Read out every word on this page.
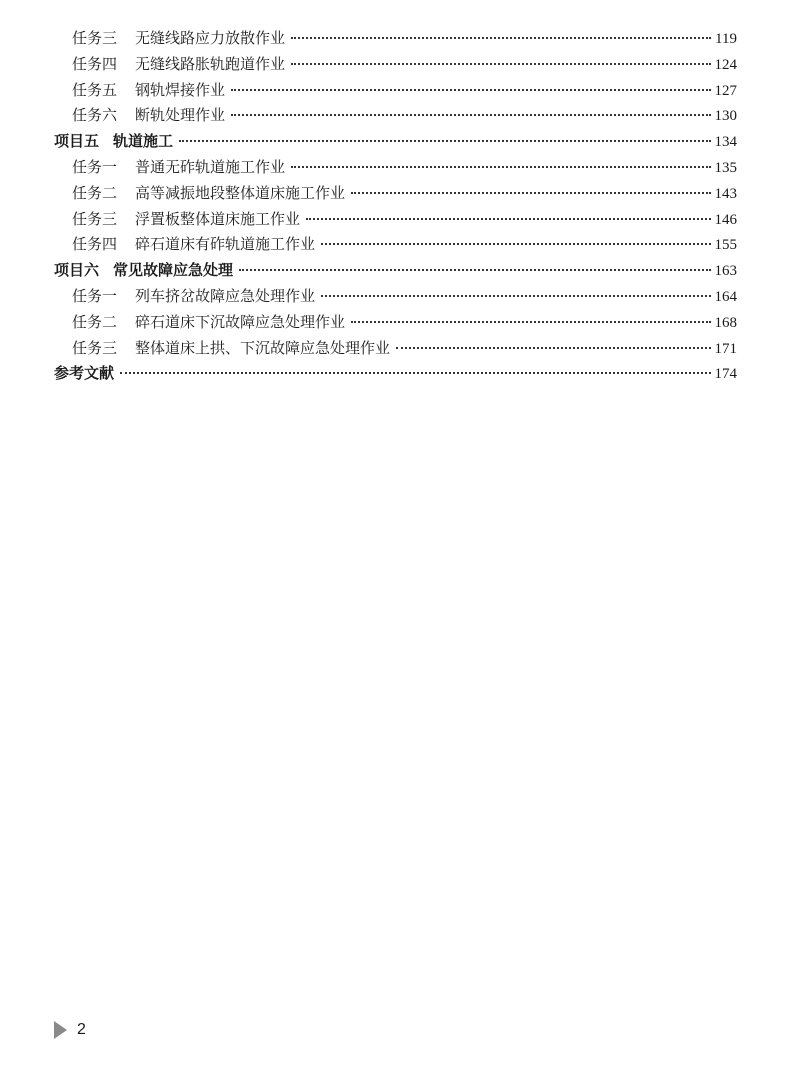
任务三 无缝线路应力放散作业	119
任务四 无缝线路胀轨跑道作业	124
任务五 钢轨焊接作业	127
任务六 断轨处理作业	130
项目五 轨道施工	134
任务一 普通无砟轨道施工作业	135
任务二 高等减振地段整体道床施工作业	143
任务三 浮置板整体道床施工作业	146
任务四 碎石道床有砟轨道施工作业	155
项目六 常见故障应急处理	163
任务一 列车挤岔故障应急处理作业	164
任务二 碎石道床下沉故障应急处理作业	168
任务三 整体道床上拱、下沉故障应急处理作业	171
参考文献	174
2
